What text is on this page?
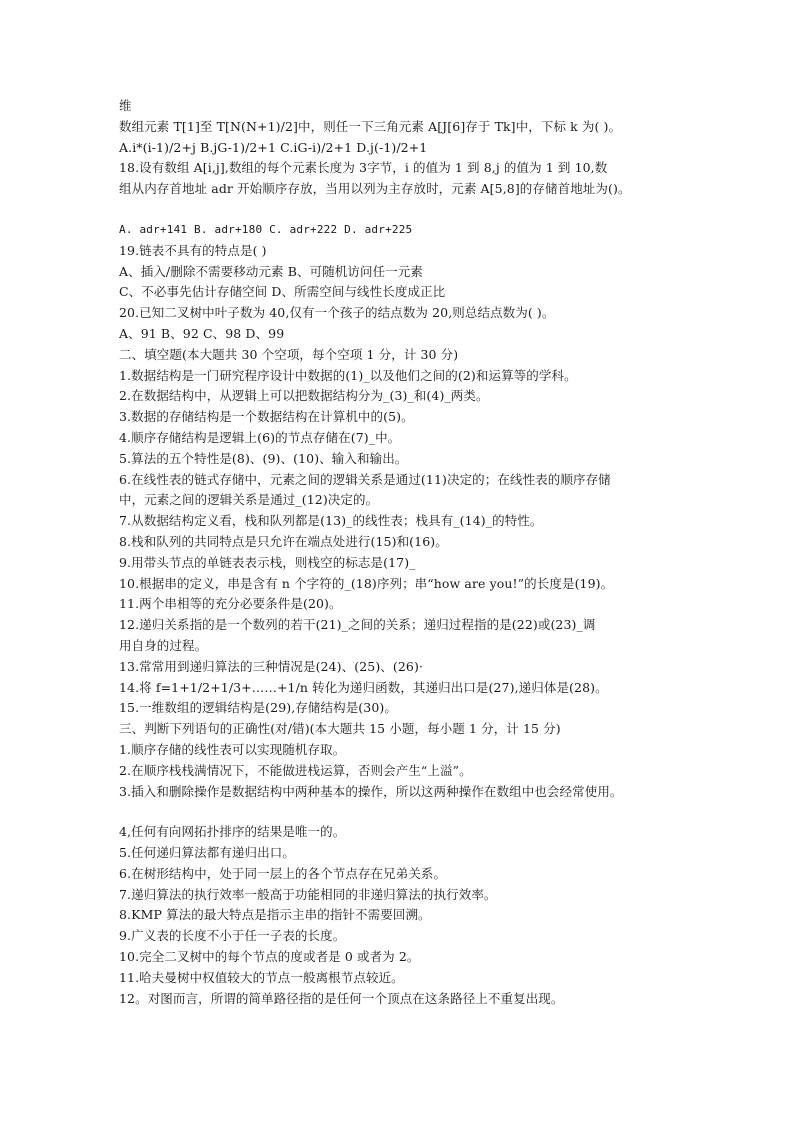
维
数组元素 T[1]至 T[N(N+1)/2]中，则任一下三角元素 A[J[6]存于 Tk]中，下标 k 为( )。
A.i*(i-1)/2+j B.jG-1)/2+1 C.iG-i)/2+1 D.j(-1)/2+1
18.设有数组 A[i,j],数组的每个元素长度为 3字节，i 的值为 1 到 8,j 的值为 1 到 10,数
组从内存首地址 adr 开始顺序存放，当用以列为主存放时，元素 A[5,8]的存储首地址为()。
A. adr+141 B. adr+180 C. adr+222 D. adr+225
19.链表不具有的特点是( )
A、插入/删除不需要移动元素 B、可随机访问任一元素
C、不必事先估计存储空间 D、所需空间与线性长度成正比
20.已知二叉树中叶子数为 40,仅有一个孩子的结点数为 20,则总结点数为( )。
A、91 B、92 C、98 D、99
二、填空题(本大题共 30 个空项，每个空项 1 分，计 30 分)
1.数据结构是一门研究程序设计中数据的(1)_以及他们之间的(2)和运算等的学科。
2.在数据结构中，从逻辑上可以把数据结构分为_(3)_和(4)_两类。
3.数据的存储结构是一个数据结构在计算机中的(5)。
4.顺序存储结构是逻辑上(6)的节点存储在(7)_中。
5.算法的五个特性是(8)、(9)、(10)、输入和输出。
6.在线性表的链式存储中，元素之间的逻辑关系是通过(11)决定的；在线性表的顺序存储
中，元素之间的逻辑关系是通过_(12)决定的。
7.从数据结构定义看，栈和队列都是(13)_的线性表；栈具有_(14)_的特性。
8.栈和队列的共同特点是只允许在端点处进行(15)和(16)。
9.用带头节点的单链表表示栈，则栈空的标志是(17)_
10.根据串的定义，串是含有 n 个字符的_(18)序列；串“how are you!”的长度是(19)。
11.两个串相等的充分必要条件是(20)。
12.递归关系指的是一个数列的若干(21)_之间的关系；递归过程指的是(22)或(23)_调
用自身的过程。
13.常常用到递归算法的三种情况是(24)、(25)、(26)·
14.将 f=1+1/2+1/3+……+1/n 转化为递归函数，其递归出口是(27),递归体是(28)。
15.一维数组的逻辑结构是(29),存储结构是(30)。
三、判断下列语句的正确性(对/错)(本大题共 15 小题，每小题 1 分，计 15 分)
1.顺序存储的线性表可以实现随机存取。
2.在顺序栈栈满情况下，不能做进栈运算，否则会产生“上溢”。
3.插入和删除操作是数据结构中两种基本的操作，所以这两种操作在数组中也会经常使用。
4,任何有向网拓扑排序的结果是唯一的。
5.任何递归算法都有递归出口。
6.在树形结构中，处于同一层上的各个节点存在兄弟关系。
7.递归算法的执行效率一般高于功能相同的非递归算法的执行效率。
8.KMP 算法的最大特点是指示主串的指针不需要回溯。
9.广义表的长度不小于任一子表的长度。
10.完全二叉树中的每个节点的度或者是 0 或者为 2。
11.哈夫曼树中权值较大的节点一般离根节点较近。
12。对图而言，所谓的简单路径指的是任何一个顶点在这条路径上不重复出现。
